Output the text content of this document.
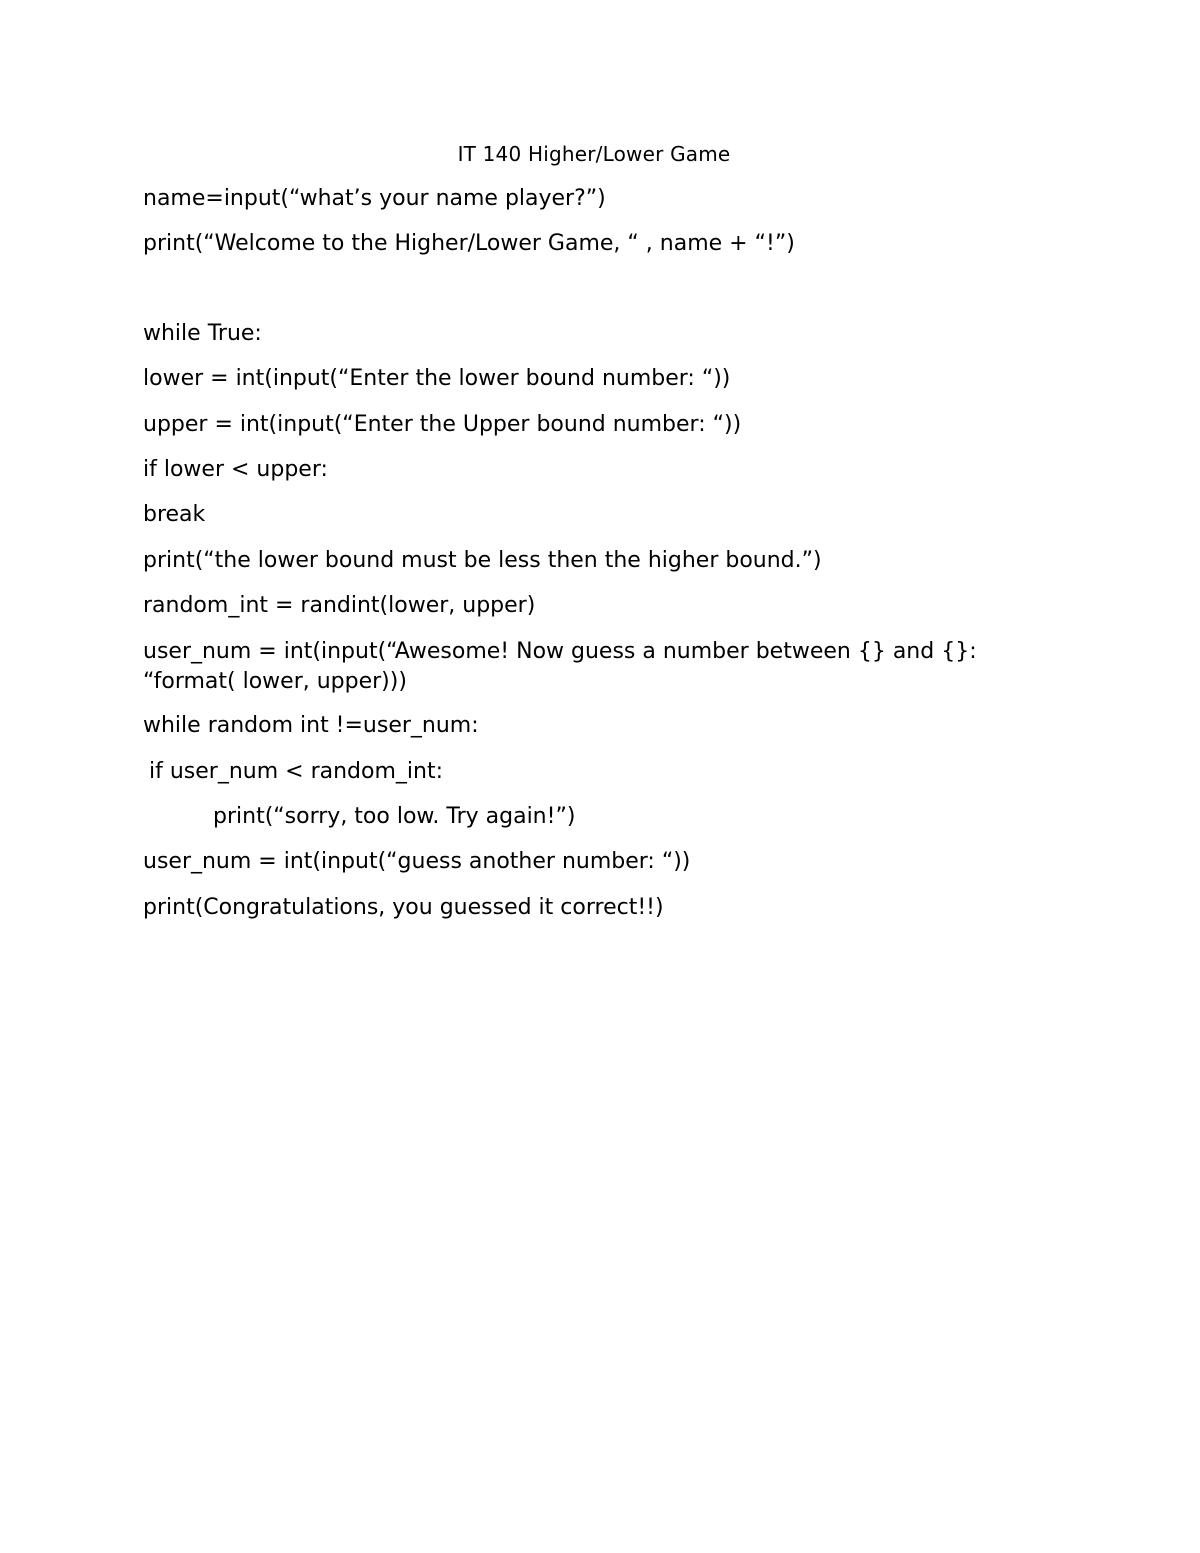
IT 140 Higher/Lower Game

name=input(“what’s your name player?”)

print(“Welcome to the Higher/Lower Game, “ , name + “!”)

while True:

lower = int(input(“Enter the lower bound number: “))

upper = int(input(“Enter the Upper bound number: “))

if lower < upper:

break

print(“the lower bound must be less then the higher bound.”)

random_int = randint(lower, upper)

user_num = int(input(“Awesome! Now guess a number between {} and {}:

“format( lower, upper)))

while random int !=user_num:

if user_num < random_int:

print(“sorry, too low. Try again!”)

user_num = int(input(“guess another number: “))

print(Congratulations, you guessed it correct!!)
